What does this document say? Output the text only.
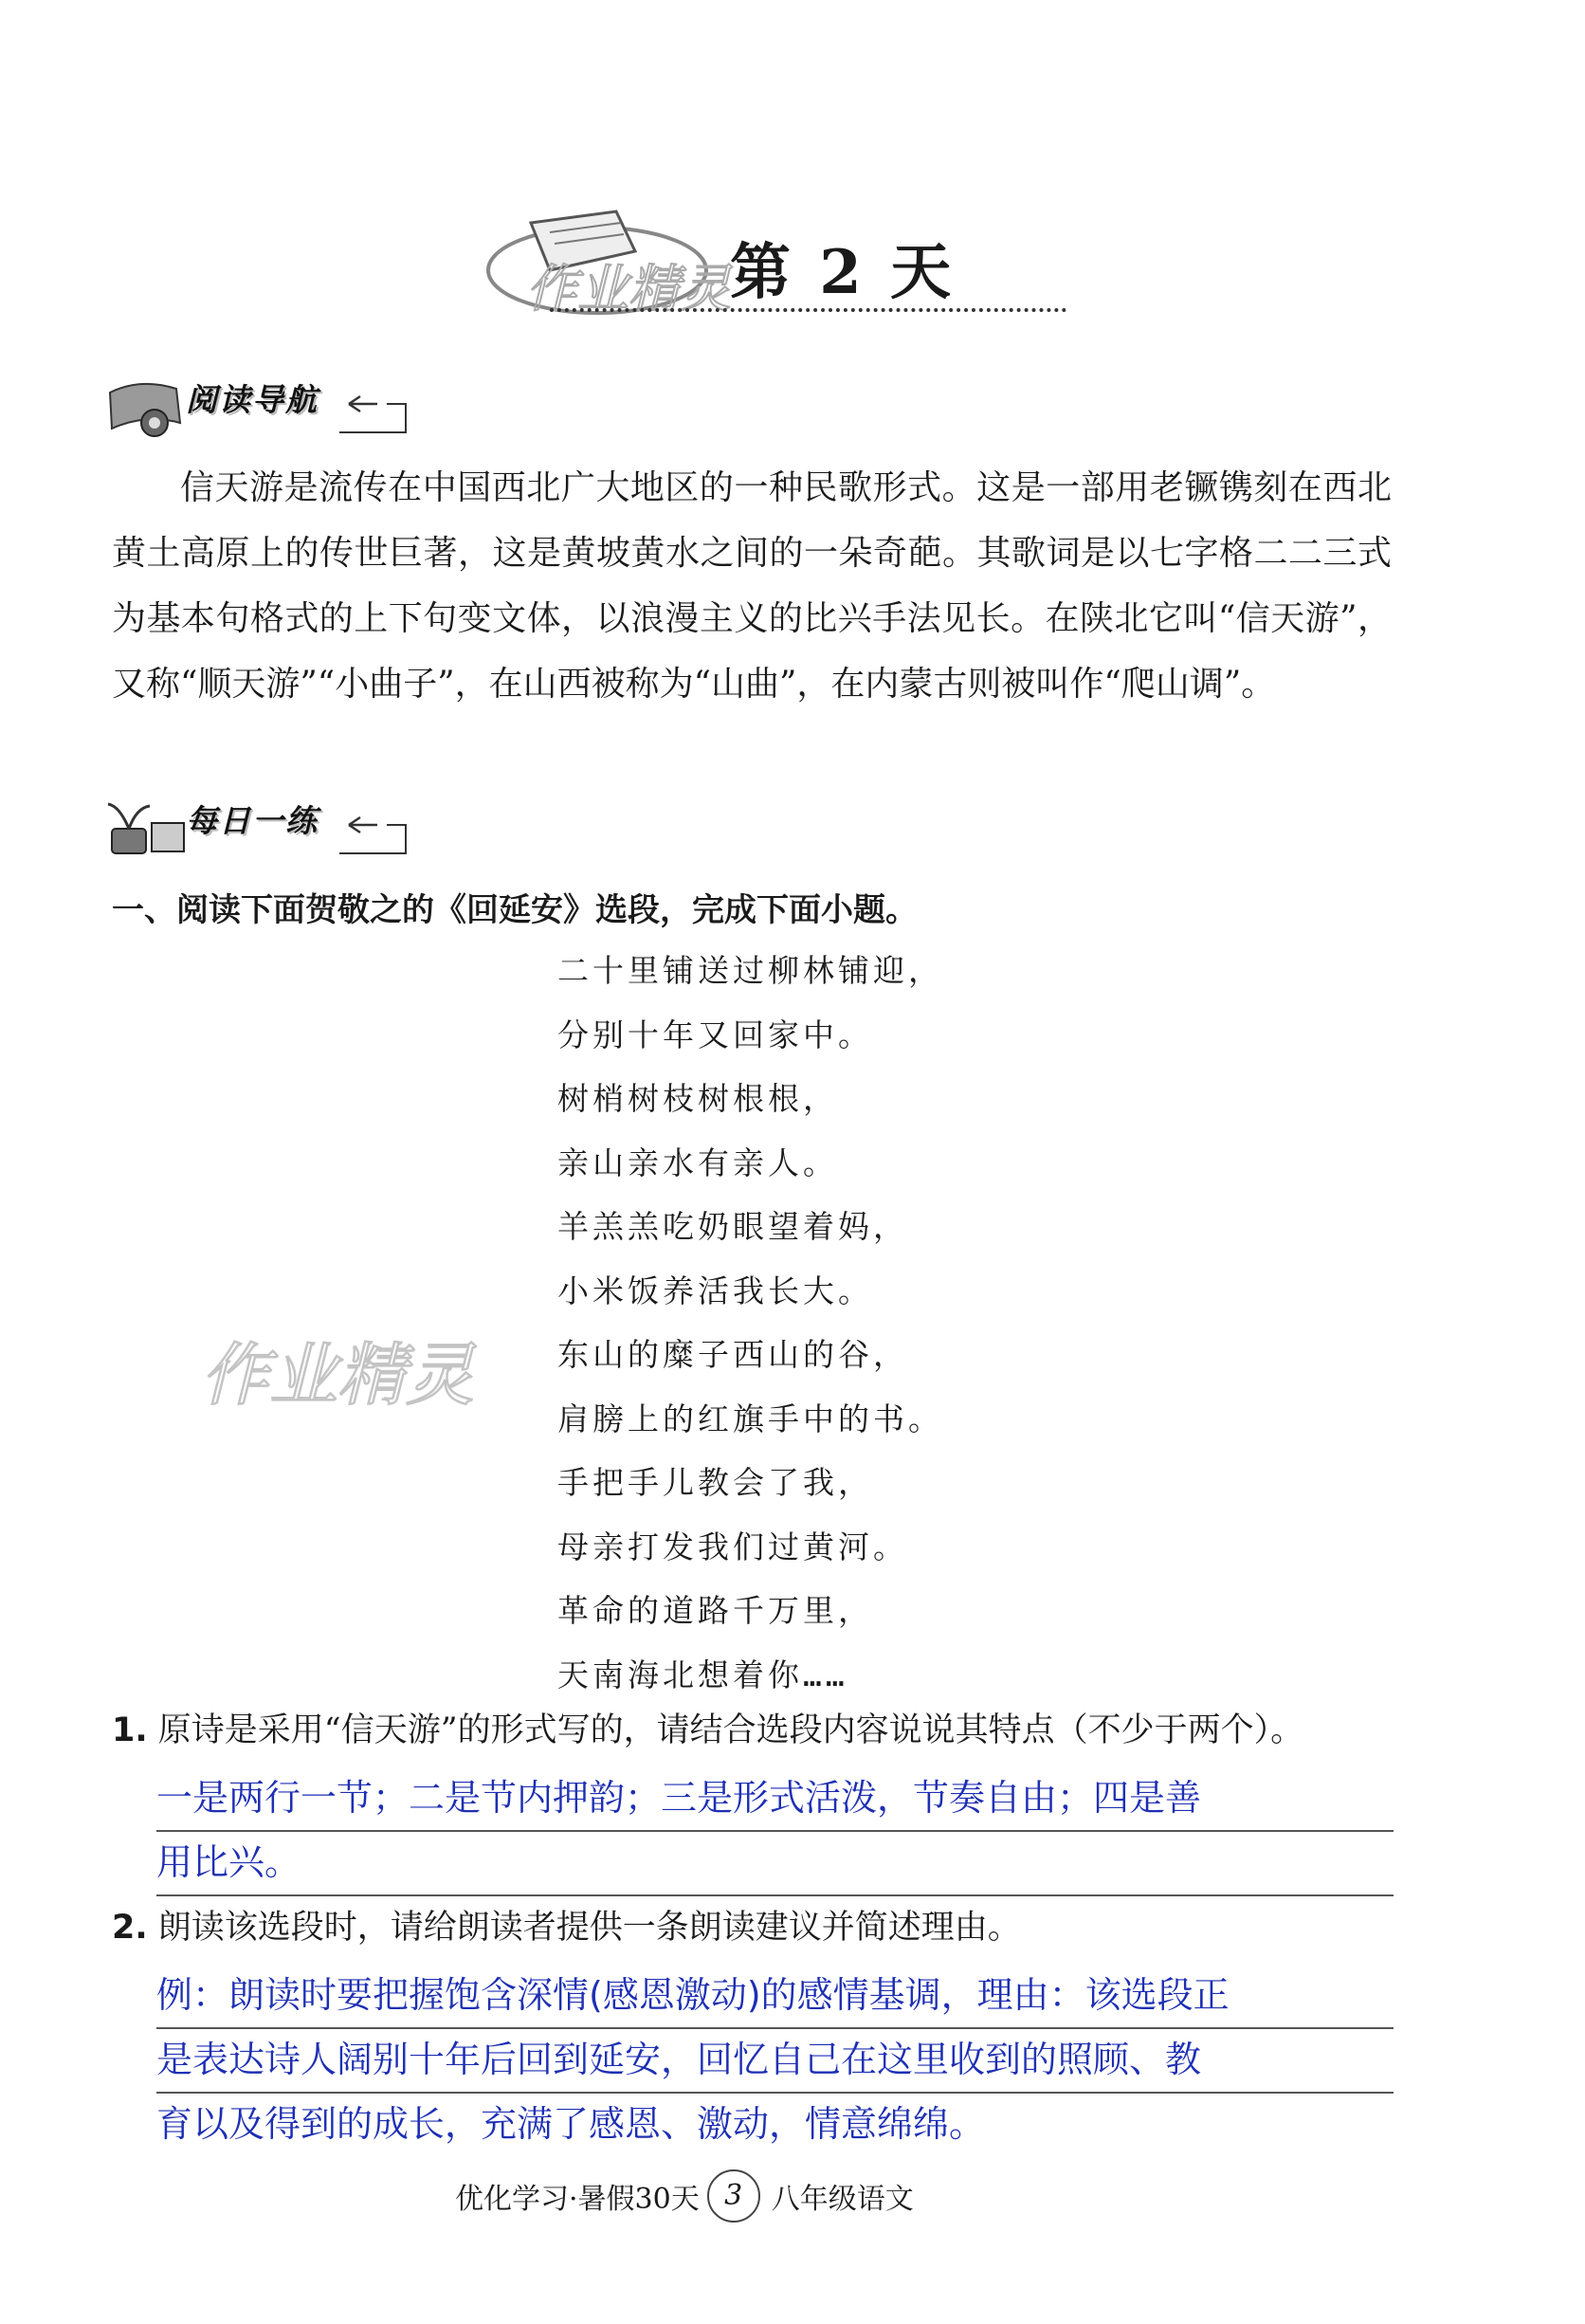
作业精灵 第 2 天
阅读导航

信天游是流传在中国西北广大地区的一种民歌形式。这是一部用老镢镌刻在西北黄土高原上的传世巨著，这是黄坡黄水之间的一朵奇葩。其歌词是以七字格二二三式为基本句格式的上下句变文体，以浪漫主义的比兴手法见长。在陕北它叫“信天游”，又称“顺天游”“小曲子”，在山西被称为“山曲”，在内蒙古则被叫作“爬山调”。

每日一练
一、阅读下面贺敬之的《回延安》选段，完成下面小题。
二十里铺送过柳林铺迎，
分别十年又回家中。
树梢树枝树根根，
亲山亲水有亲人。
羊羔羔吃奶眼望着妈，
小米饭养活我长大。
东山的糜子西山的谷，
肩膀上的红旗手中的书。
手把手儿教会了我，
母亲打发我们过黄河。
革命的道路千万里，
天南海北想着你……
作业精灵
1. 原诗是采用“信天游”的形式写的，请结合选段内容说说其特点（不少于两个）。
一是两行一节；二是节内押韵；三是形式活泼，节奏自由；四是善
用比兴。
2. 朗读该选段时，请给朗读者提供一条朗读建议并简述理由。
例：朗读时要把握饱含深情(感恩激动)的感情基调，理由：该选段正
是表达诗人阔别十年后回到延安，回忆自己在这里收到的照顾、教
育以及得到的成长，充满了感恩、激动，情意绵绵。
优化学习·暑假30天 3	八年级语文
